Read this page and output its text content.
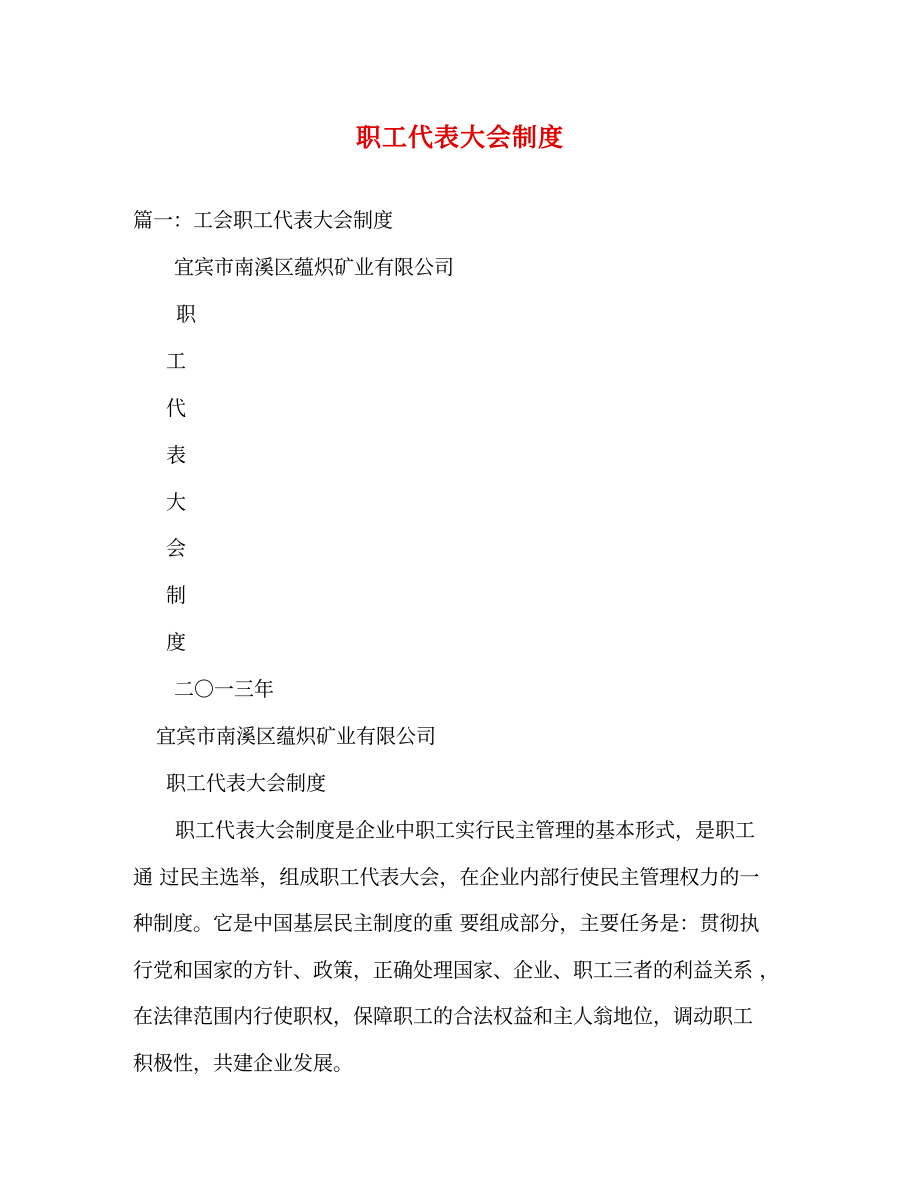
职工代表大会制度
篇一：工会职工代表大会制度
宜宾市南溪区蕴炽矿业有限公司
职
工
代
表
大
会
制
度
二〇一三年
宜宾市南溪区蕴炽矿业有限公司
职工代表大会制度
职工代表大会制度是企业中职工实行民主管理的基本形式，是职工
通 过民主选举，组成职工代表大会，在企业内部行使民主管理权力的一
种制度。它是中国基层民主制度的重 要组成部分，主要任务是：贯彻执
行党和国家的方针、政策，正确处理国家、企业、职工三者的利益关系 ，
在法律范围内行使职权，保障职工的合法权益和主人翁地位，调动职工
积极性，共建企业发展。
